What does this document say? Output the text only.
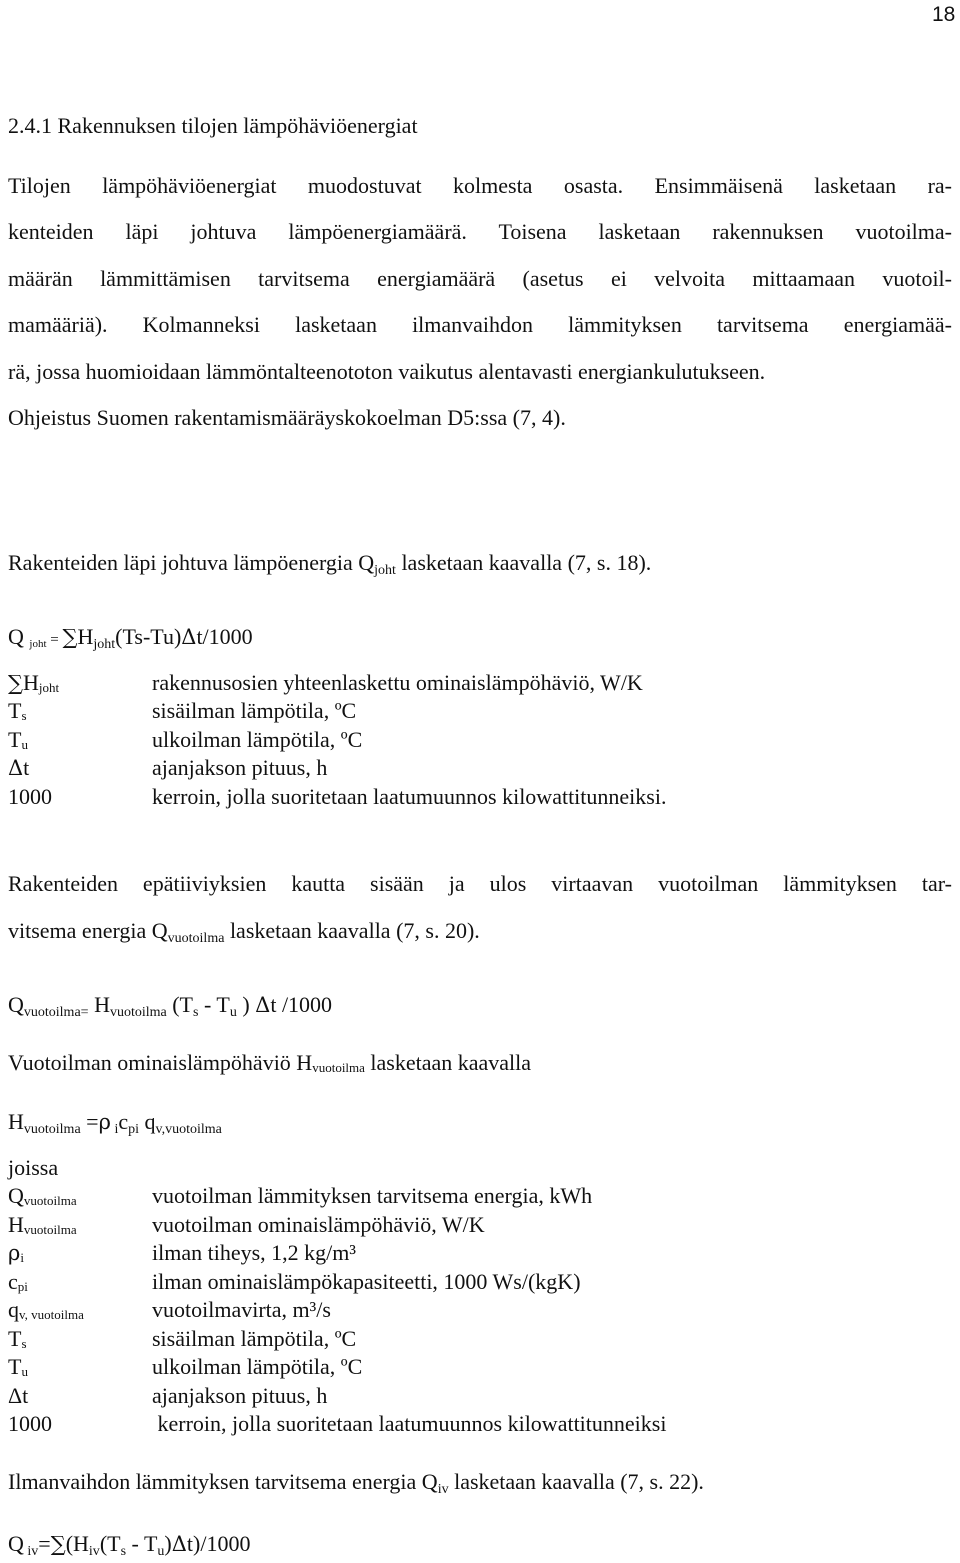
18
2.4.1 Rakennuksen tilojen lämpöhäviöenergiat
Tilojen lämpöhäviöenergiat muodostuvat kolmesta osasta. Ensimmäisenä lasketaan ra-
kenteiden läpi johtuva lämpöenergiamäärä. Toisena lasketaan rakennuksen vuotoilma-
määrän lämmittämisen tarvitsema energiamäärä (asetus ei velvoita mittaamaan vuotoil-
mamääriä). Kolmanneksi lasketaan ilmanvaihdon lämmityksen tarvitsema energiamää-
rä, jossa huomioidaan lämmöntalteenototon vaikutus alentavasti energiankulutukseen.
Ohjeistus Suomen rakentamismääräyskokoelman D5:ssa (7, 4).
Rakenteiden läpi johtuva lämpöenergia $Q_{joht}$ lasketaan kaavalla (7, s. 18).
Q joht = $\sum H_{joht}(Ts-Tu)\Delta t/1000$
∑Hjoht	rakennusosien yhteenlaskettu ominaislämpöhäviö, W/K
Ts	sisäilman lämpötila, ºC
Tu	ulkoilman lämpötila, ºC
Δt	ajanjakson pituus, h
1000	kerroin, jolla suoritetaan laatumuunnos kilowattitunneiksi.
Rakenteiden epätiiviyksien kautta sisään ja ulos virtaavan vuotoilman lämmityksen tar-
vitsema energia $Q_{vuotoilma}$ lasketaan kaavalla (7, s. 20).
$Q_{vuotoilma=}$ $H_{vuotoilma}$ ($T_s - T_u$ ) Δt /1000
Vuotoilman ominaislämpöhäviö Hvuotoilma lasketaan kaavalla
$H_{vuotoilma} =\rho$ $_ic_{pi}$ $q_{v,vuotoilma}$
joissa
Qvuotoilma	vuotoilman lämmityksen tarvitsema energia, kWh
Hvuotoilma	vuotoilman ominaislämpöhäviö, W/K
ρi	ilman tiheys, 1,2 kg/m³
cpi	ilman ominaislämpökapasiteetti, 1000 Ws/(kgK)
qv, vuotoilma	vuotoilmavirta, m³/s
Ts	sisäilman lämpötila, ºC
Tu	ulkoilman lämpötila, ºC
Δt	ajanjakson pituus, h
1000	kerroin, jolla suoritetaan laatumuunnos kilowattitunneiksi
Ilmanvaihdon lämmityksen tarvitsema energia $Q_{iv}$ lasketaan kaavalla (7, s. 22).
Q $_{iv}=\sum(H_{iv}(T_s - T_u)\Delta t)/1000$
